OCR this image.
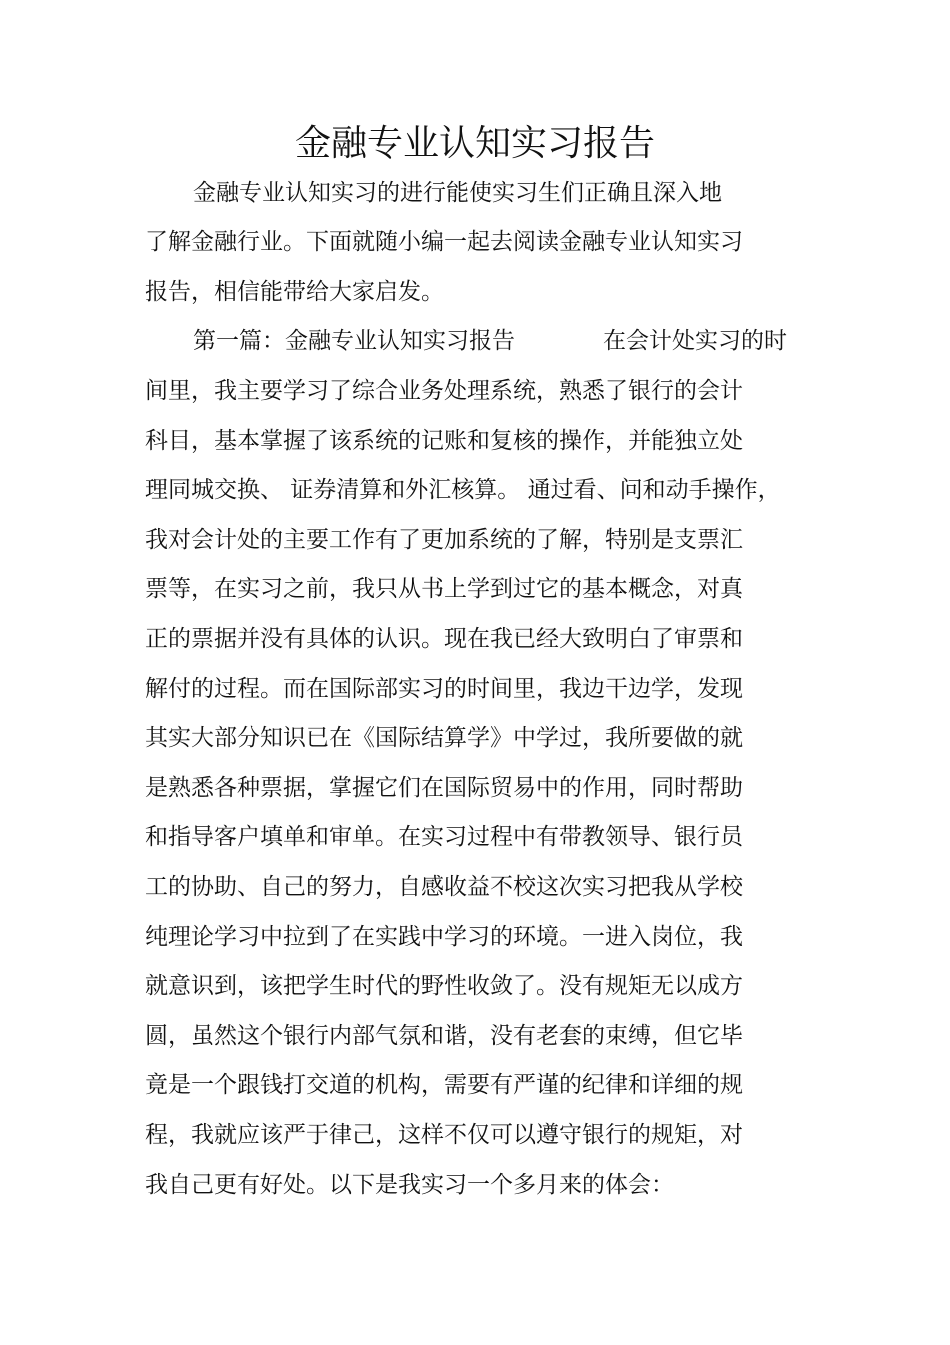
金融专业认知实习报告

金融专业认知实习的进行能使实习生们正确且深入地

了解金融行业。下面就随小编一起去阅读金融专业认知实习

报告，相信能带给大家启发。

第一篇：金融专业认知实习报告	在会计处实习的时

间里，我主要学习了综合业务处理系统，熟悉了银行的会计

科目，基本掌握了该系统的记账和复核的操作，并能独立处

理同城交换、 证券清算和外汇核算。 通过看、问和动手操作，

我对会计处的主要工作有了更加系统的了解，特别是支票汇

票等，在实习之前，我只从书上学到过它的基本概念，对真

正的票据并没有具体的认识。现在我已经大致明白了审票和

解付的过程。而在国际部实习的时间里，我边干边学，发现

其实大部分知识已在《国际结算学》中学过，我所要做的就

是熟悉各种票据，掌握它们在国际贸易中的作用，同时帮助

和指导客户填单和审单。在实习过程中有带教领导、银行员

工的协助、自己的努力，自感收益不校这次实习把我从学校

纯理论学习中拉到了在实践中学习的环境。一进入岗位，我

就意识到，该把学生时代的野性收敛了。没有规矩无以成方

圆，虽然这个银行内部气氛和谐，没有老套的束缚，但它毕

竟是一个跟钱打交道的机构，需要有严谨的纪律和详细的规

程，我就应该严于律己，这样不仅可以遵守银行的规矩，对

我自己更有好处。以下是我实习一个多月来的体会：
